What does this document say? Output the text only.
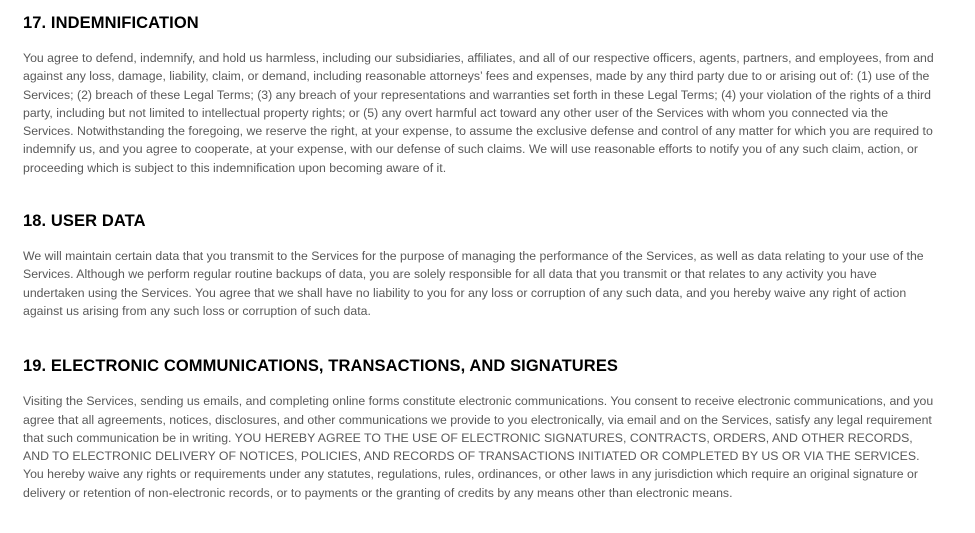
17. INDEMNIFICATION

You agree to defend, indemnify, and hold us harmless, including our subsidiaries, affiliates, and all of our respective officers, agents, partners, and employees, from and against any loss, damage, liability, claim, or demand, including reasonable attorneys’ fees and expenses, made by any third party due to or arising out of: (1) use of the Services; (2) breach of these Legal Terms; (3) any breach of your representations and warranties set forth in these Legal Terms; (4) your violation of the rights of a third party, including but not limited to intellectual property rights; or (5) any overt harmful act toward any other user of the Services with whom you connected via the Services. Notwithstanding the foregoing, we reserve the right, at your expense, to assume the exclusive defense and control of any matter for which you are required to indemnify us, and you agree to cooperate, at your expense, with our defense of such claims. We will use reasonable efforts to notify you of any such claim, action, or proceeding which is subject to this indemnification upon becoming aware of it.

18. USER DATA

We will maintain certain data that you transmit to the Services for the purpose of managing the performance of the Services, as well as data relating to your use of the Services. Although we perform regular routine backups of data, you are solely responsible for all data that you transmit or that relates to any activity you have undertaken using the Services. You agree that we shall have no liability to you for any loss or corruption of any such data, and you hereby waive any right of action against us arising from any such loss or corruption of such data.

19. ELECTRONIC COMMUNICATIONS, TRANSACTIONS, AND SIGNATURES

Visiting the Services, sending us emails, and completing online forms constitute electronic communications. You consent to receive electronic communications, and you agree that all agreements, notices, disclosures, and other communications we provide to you electronically, via email and on the Services, satisfy any legal requirement that such communication be in writing. YOU HEREBY AGREE TO THE USE OF ELECTRONIC SIGNATURES, CONTRACTS, ORDERS, AND OTHER RECORDS, AND TO ELECTRONIC DELIVERY OF NOTICES, POLICIES, AND RECORDS OF TRANSACTIONS INITIATED OR COMPLETED BY US OR VIA THE SERVICES. You hereby waive any rights or requirements under any statutes, regulations, rules, ordinances, or other laws in any jurisdiction which require an original signature or delivery or retention of non-electronic records, or to payments or the granting of credits by any means other than electronic means.
